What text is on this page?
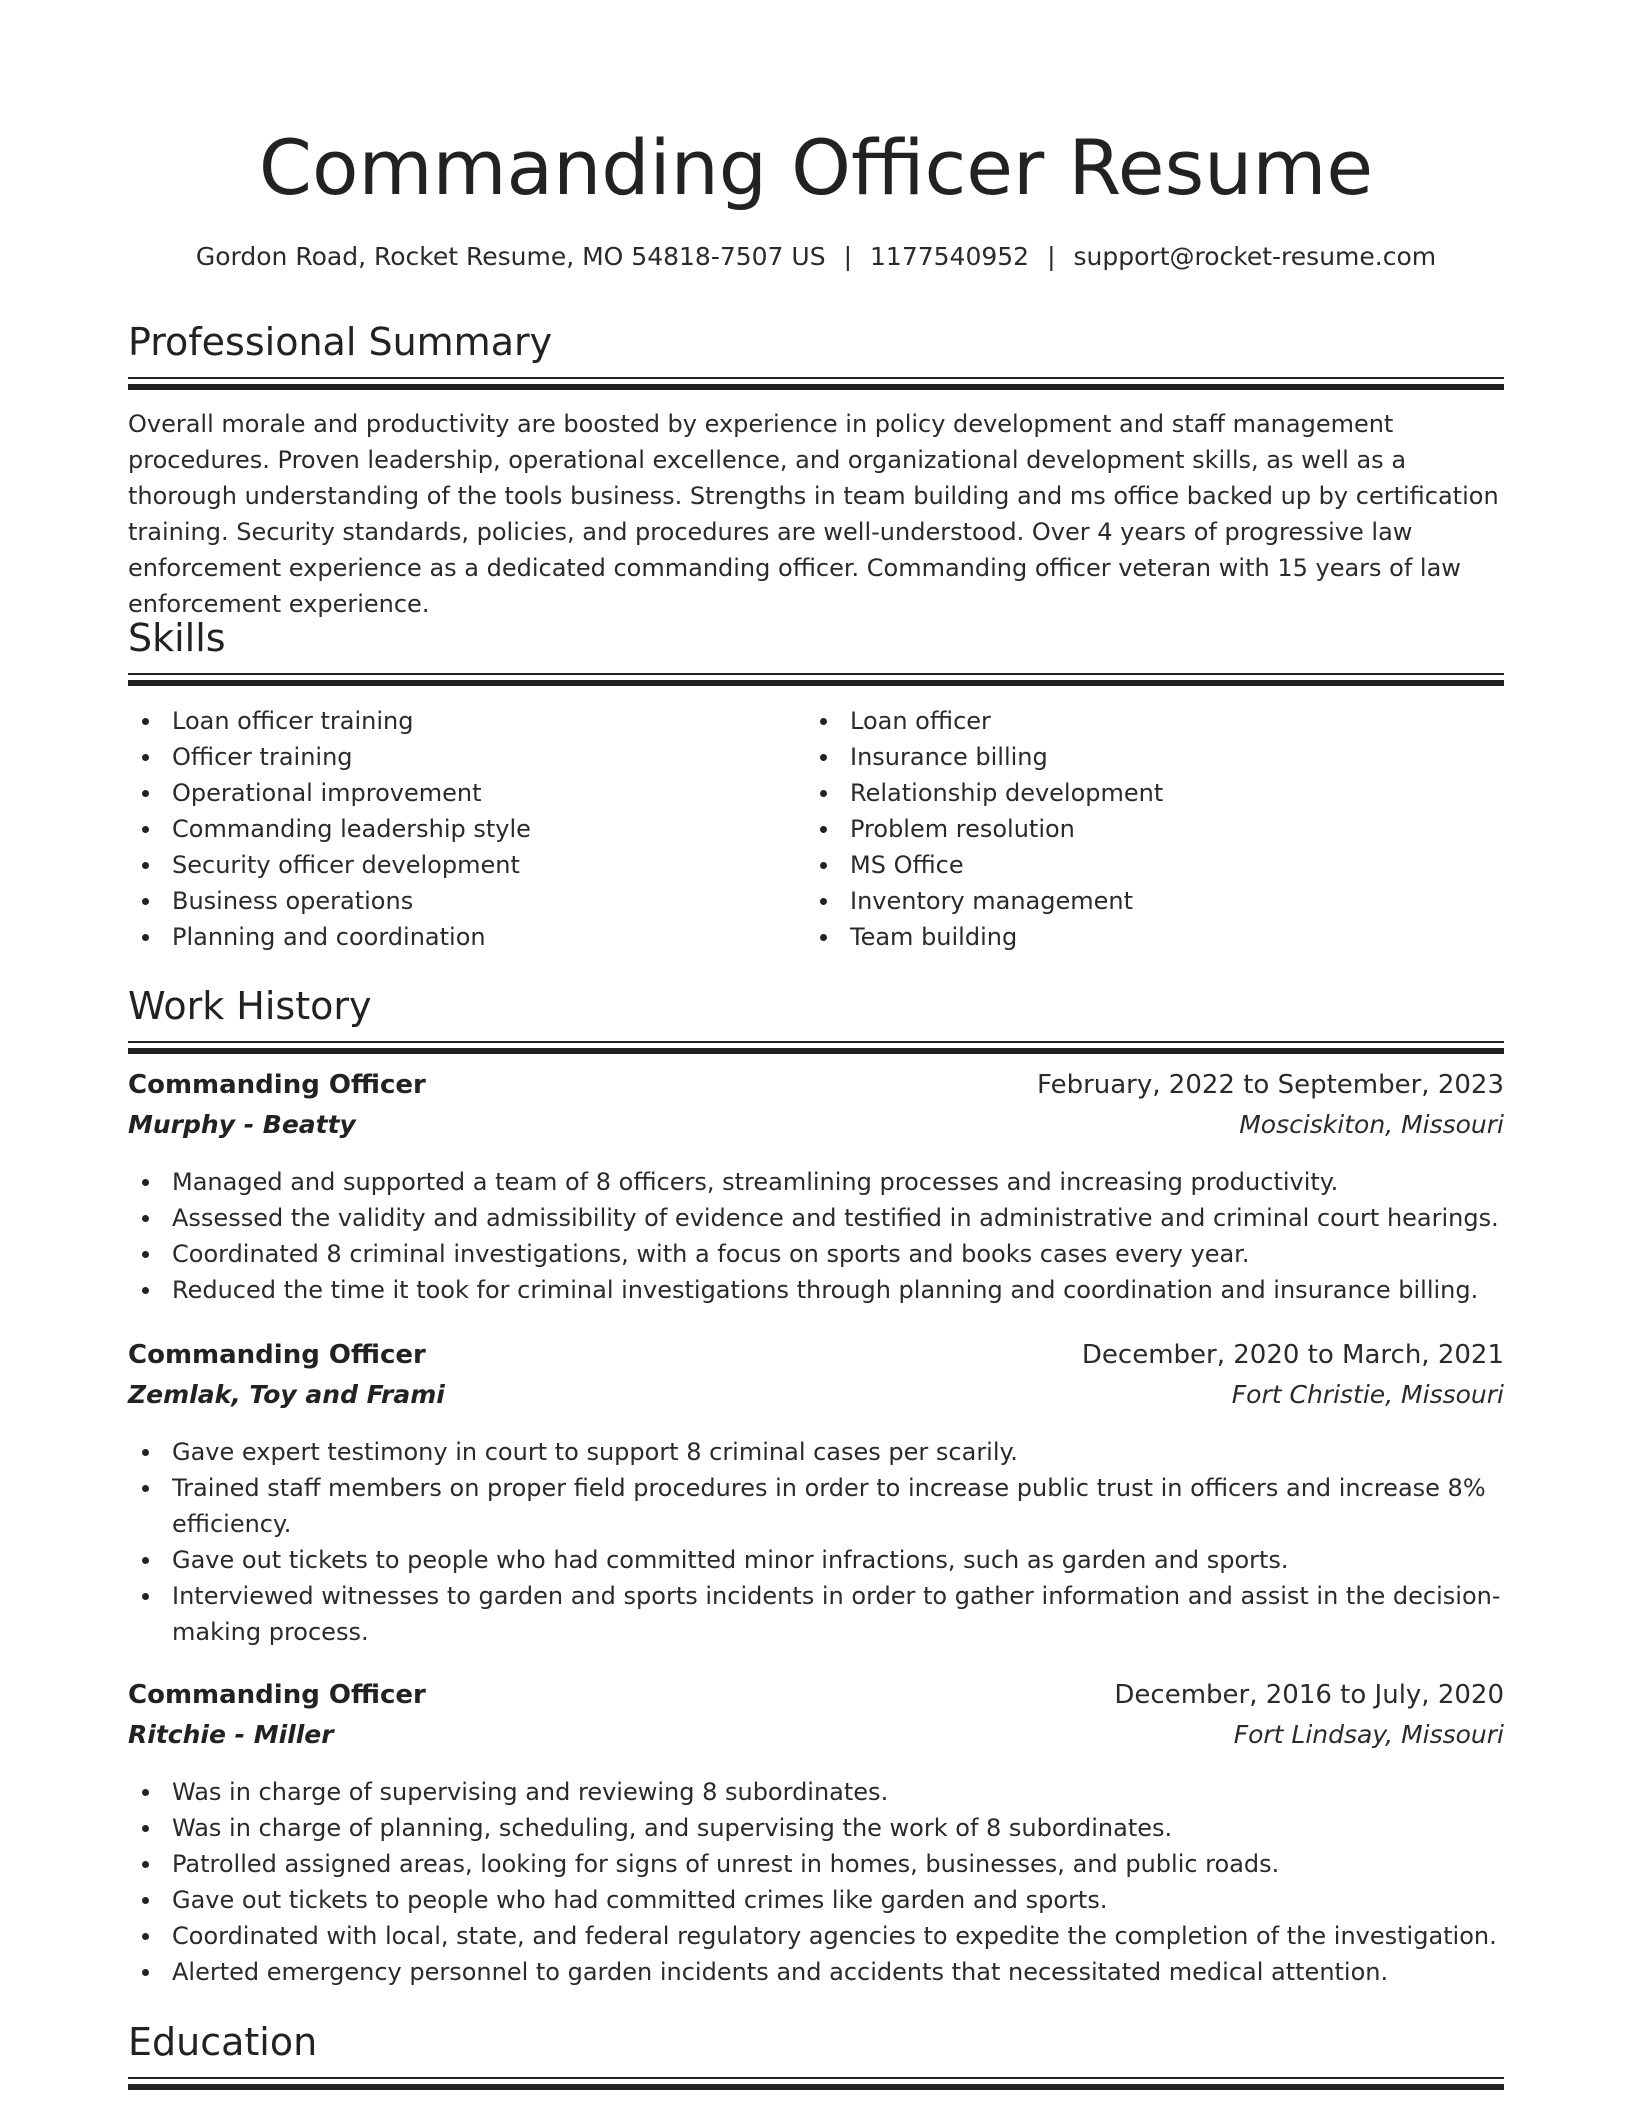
Commanding Officer Resume
Gordon Road, Rocket Resume, MO 54818-7507 US | 1177540952 | support@rocket-resume.com
Professional Summary

Overall morale and productivity are boosted by experience in policy development and staff management procedures. Proven leadership, operational excellence, and organizational development skills, as well as a thorough understanding of the tools business. Strengths in team building and ms office backed up by certification training. Security standards, policies, and procedures are well-understood. Over 4 years of progressive law enforcement experience as a dedicated commanding officer. Commanding officer veteran with 15 years of law enforcement experience.

Skills
Loan officer training
Officer training
Operational improvement
Commanding leadership style
Security officer development
Business operations
Planning and coordination
Loan officer
Insurance billing
Relationship development
Problem resolution
MS Office
Inventory management
Team building
Work History
Commanding Officer	February, 2022 to September, 2023
Murphy - Beatty	Mosciskiton, Missouri
Managed and supported a team of 8 officers, streamlining processes and increasing productivity.
Assessed the validity and admissibility of evidence and testified in administrative and criminal court hearings.
Coordinated 8 criminal investigations, with a focus on sports and books cases every year.
Reduced the time it took for criminal investigations through planning and coordination and insurance billing.
Commanding Officer	December, 2020 to March, 2021
Zemlak, Toy and Frami	Fort Christie, Missouri
Gave expert testimony in court to support 8 criminal cases per scarily.
Trained staff members on proper field procedures in order to increase public trust in officers and increase 8% efficiency.
Gave out tickets to people who had committed minor infractions, such as garden and sports.
Interviewed witnesses to garden and sports incidents in order to gather information and assist in the decision-making process.
Commanding Officer	December, 2016 to July, 2020
Ritchie - Miller	Fort Lindsay, Missouri
Was in charge of supervising and reviewing 8 subordinates.
Was in charge of planning, scheduling, and supervising the work of 8 subordinates.
Patrolled assigned areas, looking for signs of unrest in homes, businesses, and public roads.
Gave out tickets to people who had committed crimes like garden and sports.
Coordinated with local, state, and federal regulatory agencies to expedite the completion of the investigation.
Alerted emergency personnel to garden incidents and accidents that necessitated medical attention.
Education
